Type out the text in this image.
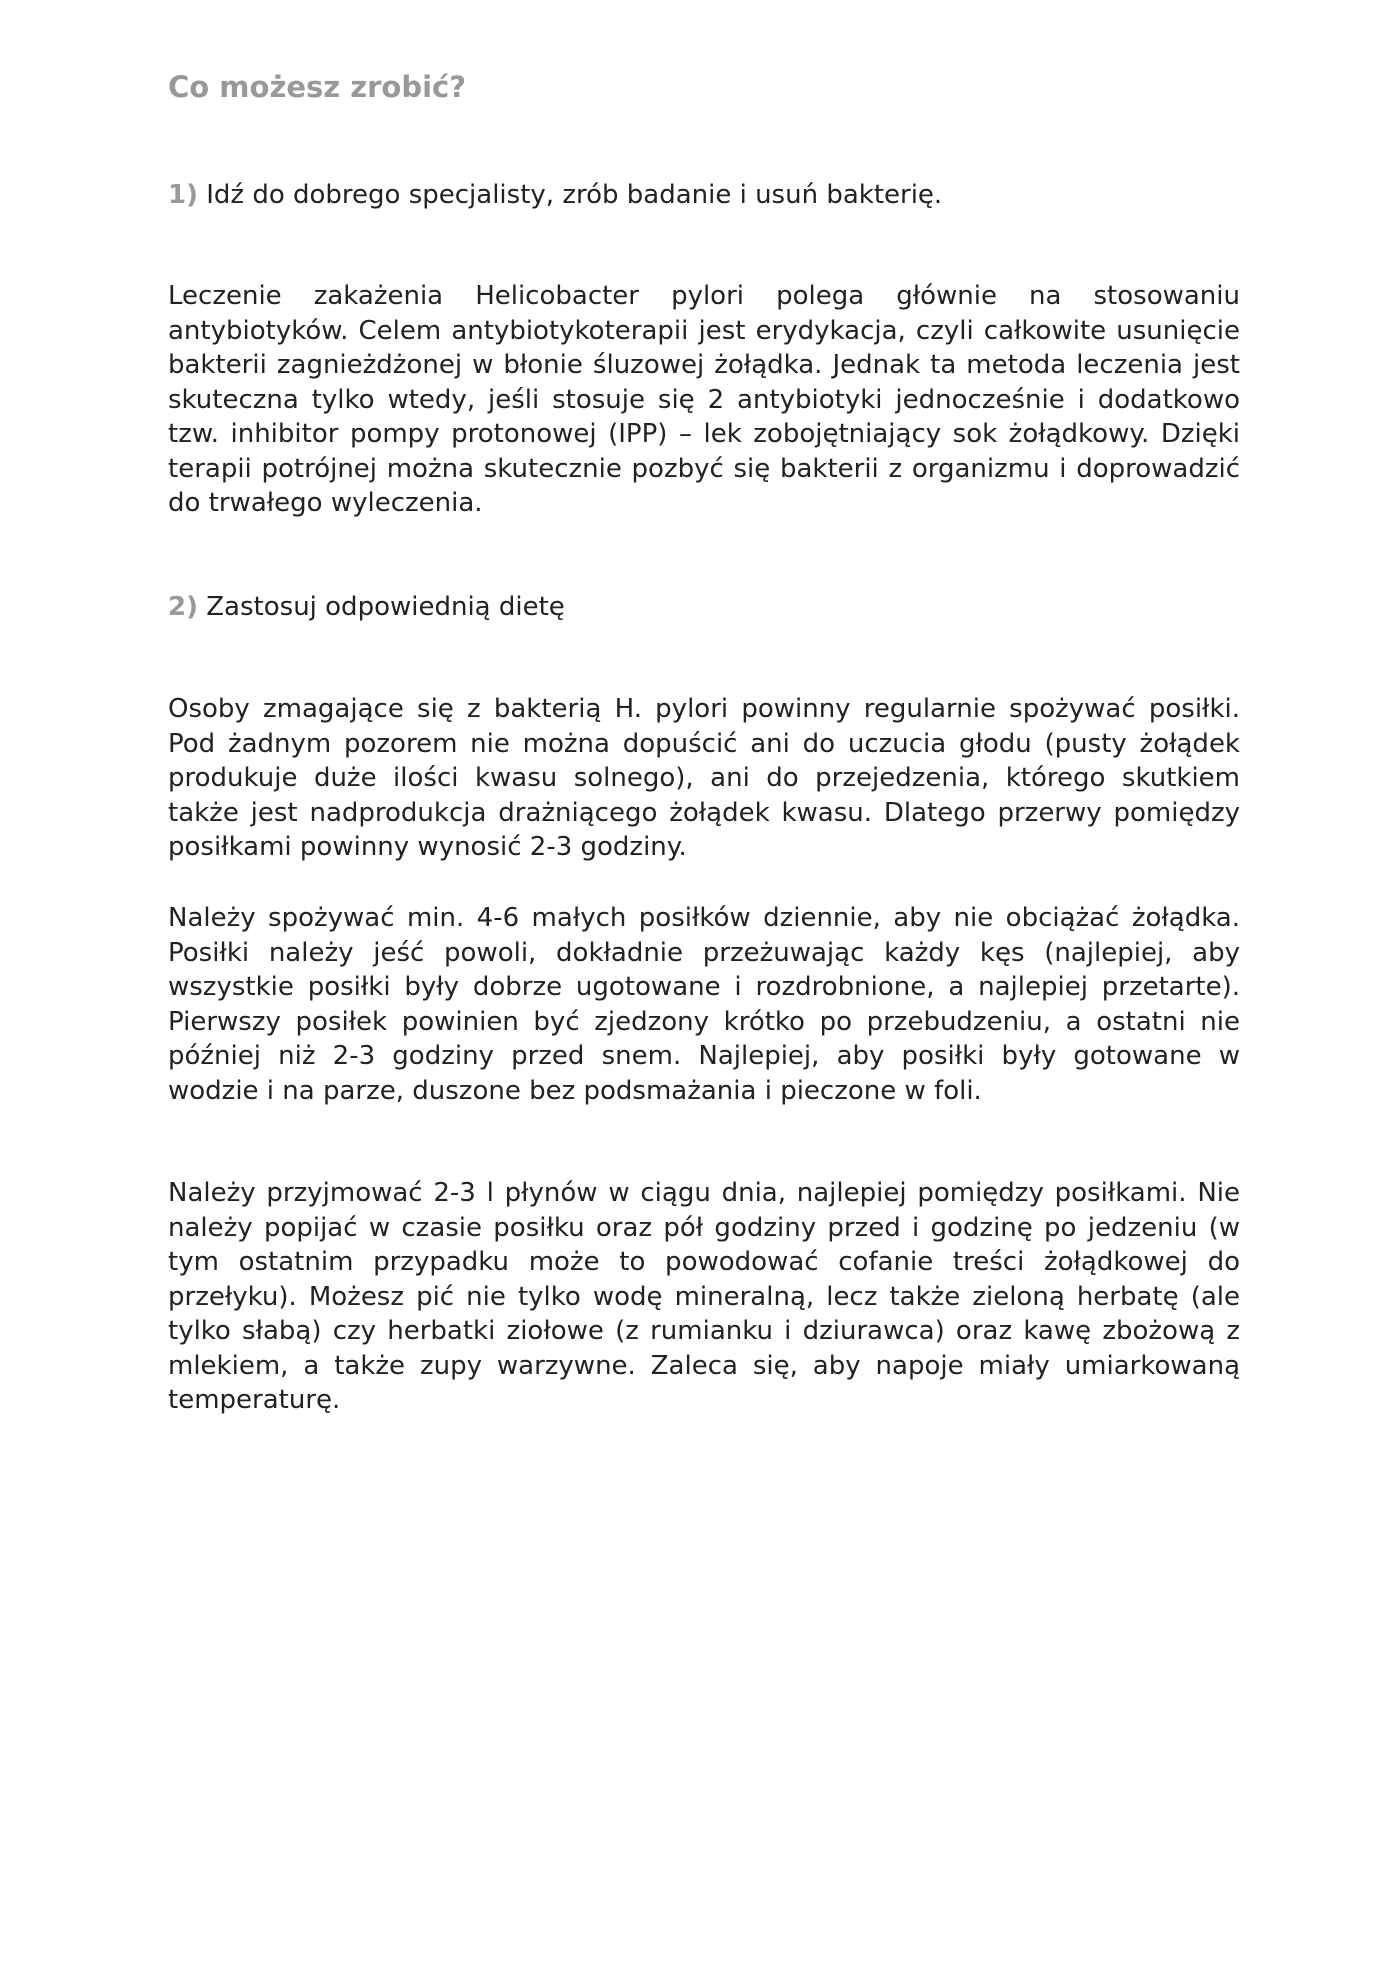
Co możesz zrobić?

1) Idź do dobrego specjalisty, zrób badanie i usuń bakterię.

Leczenie zakażenia Helicobacter pylori polega głównie na stosowaniu antybiotyków. Celem antybiotykoterapii jest erydykacja, czyli całkowite usunięcie bakterii zagnieżdżonej w błonie śluzowej żołądka. Jednak ta metoda leczenia jest skuteczna tylko wtedy, jeśli stosuje się 2 antybiotyki jednocześnie i dodatkowo tzw. inhibitor pompy protonowej (IPP) – lek zobojętniający sok żołądkowy. Dzięki terapii potrójnej można skutecznie pozbyć się bakterii z organizmu i doprowadzić do trwałego wyleczenia.

2) Zastosuj odpowiednią dietę

Osoby zmagające się z bakterią H. pylori powinny regularnie spożywać posiłki. Pod żadnym pozorem nie można dopuścić ani do uczucia głodu (pusty żołądek produkuje duże ilości kwasu solnego), ani do przejedzenia, którego skutkiem także jest nadprodukcja drażniącego żołądek kwasu. Dlatego przerwy pomiędzy posiłkami powinny wynosić 2-3 godziny.

Należy spożywać min. 4-6 małych posiłków dziennie, aby nie obciążać żołądka. Posiłki należy jeść powoli, dokładnie przeżuwając każdy kęs (najlepiej, aby wszystkie posiłki były dobrze ugotowane i rozdrobnione, a najlepiej przetarte). Pierwszy posiłek powinien być zjedzony krótko po przebudzeniu, a ostatni nie później niż 2-3 godziny przed snem. Najlepiej, aby posiłki były gotowane w wodzie i na parze, duszone bez podsmażania i pieczone w foli.

Należy przyjmować 2-3 l płynów w ciągu dnia, najlepiej pomiędzy posiłkami. Nie należy popijać w czasie posiłku oraz pół godziny przed i godzinę po jedzeniu (w tym ostatnim przypadku może to powodować cofanie treści żołądkowej do przełyku). Możesz pić nie tylko wodę mineralną, lecz także zieloną herbatę (ale tylko słabą) czy herbatki ziołowe (z rumianku i dziurawca) oraz kawę zbożową z mlekiem, a także zupy warzywne. Zaleca się, aby napoje miały umiarkowaną temperaturę.
